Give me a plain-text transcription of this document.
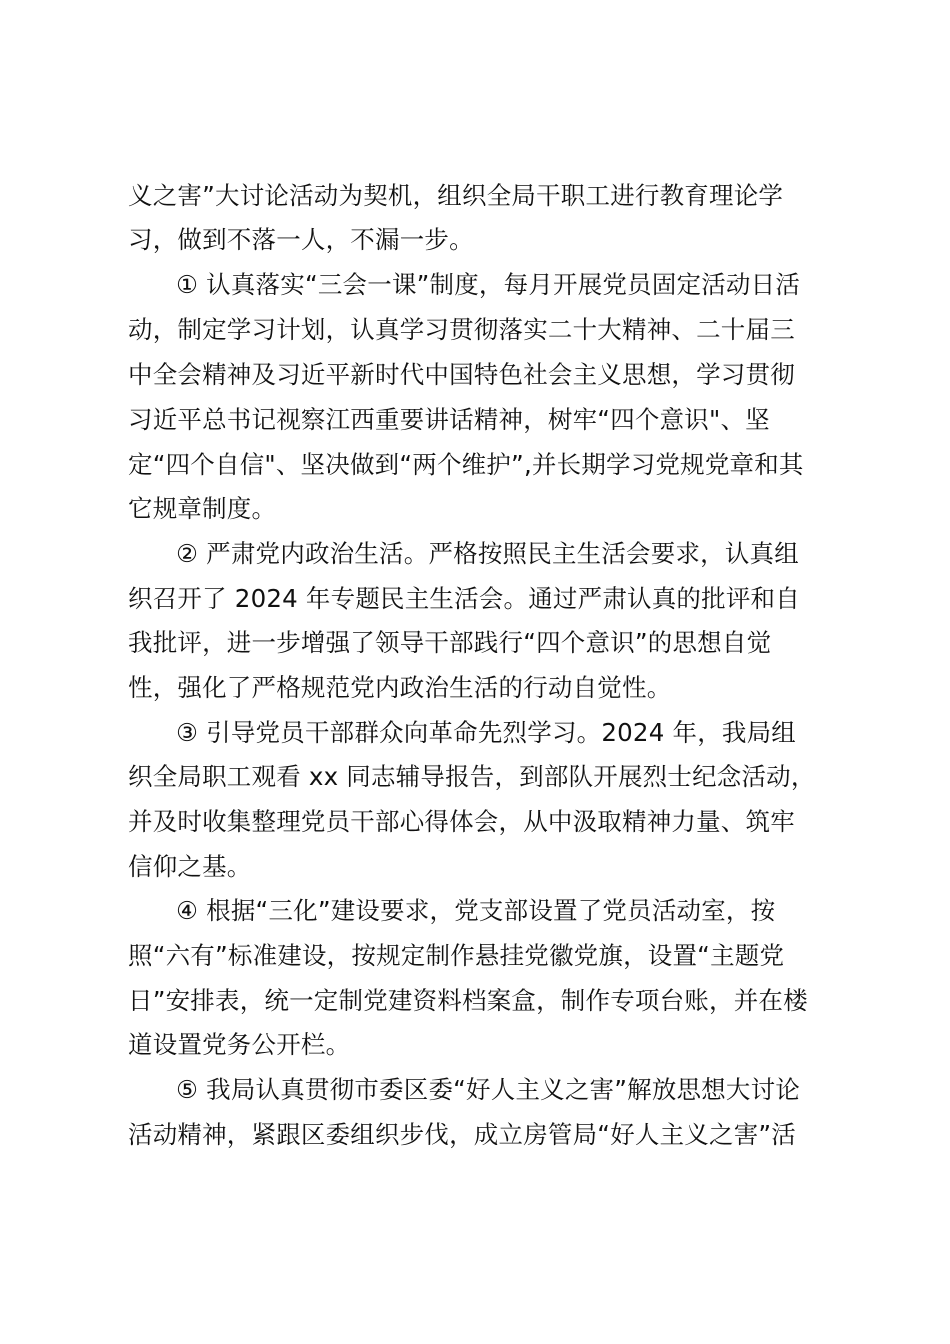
义之害”大讨论活动为契机，组织全局干职工进行教育理论学
习，做到不落一人，不漏一步。
① 认真落实“三会一课”制度，每月开展党员固定活动日活
动，制定学习计划，认真学习贯彻落实二十大精神、二十届三
中全会精神及习近平新时代中国特色社会主义思想，学习贯彻
习近平总书记视察江西重要讲话精神，树牢“四个意识"、坚
定“四个自信"、坚决做到“两个维护”,并长期学习党规党章和其
它规章制度。
② 严肃党内政治生活。严格按照民主生活会要求，认真组
织召开了 2024 年专题民主生活会。通过严肃认真的批评和自
我批评，进一步增强了领导干部践行“四个意识”的思想自觉
性，强化了严格规范党内政治生活的行动自觉性。
③ 引导党员干部群众向革命先烈学习。2024 年，我局组
织全局职工观看 xx 同志辅导报告，到部队开展烈士纪念活动，
并及时收集整理党员干部心得体会，从中汲取精神力量、筑牢
信仰之基。
④ 根据“三化”建设要求，党支部设置了党员活动室，按
照“六有”标准建设，按规定制作悬挂党徽党旗，设置“主题党
日”安排表，统一定制党建资料档案盒，制作专项台账，并在楼
道设置党务公开栏。
⑤ 我局认真贯彻市委区委“好人主义之害”解放思想大讨论
活动精神，紧跟区委组织步伐，成立房管局“好人主义之害”活
